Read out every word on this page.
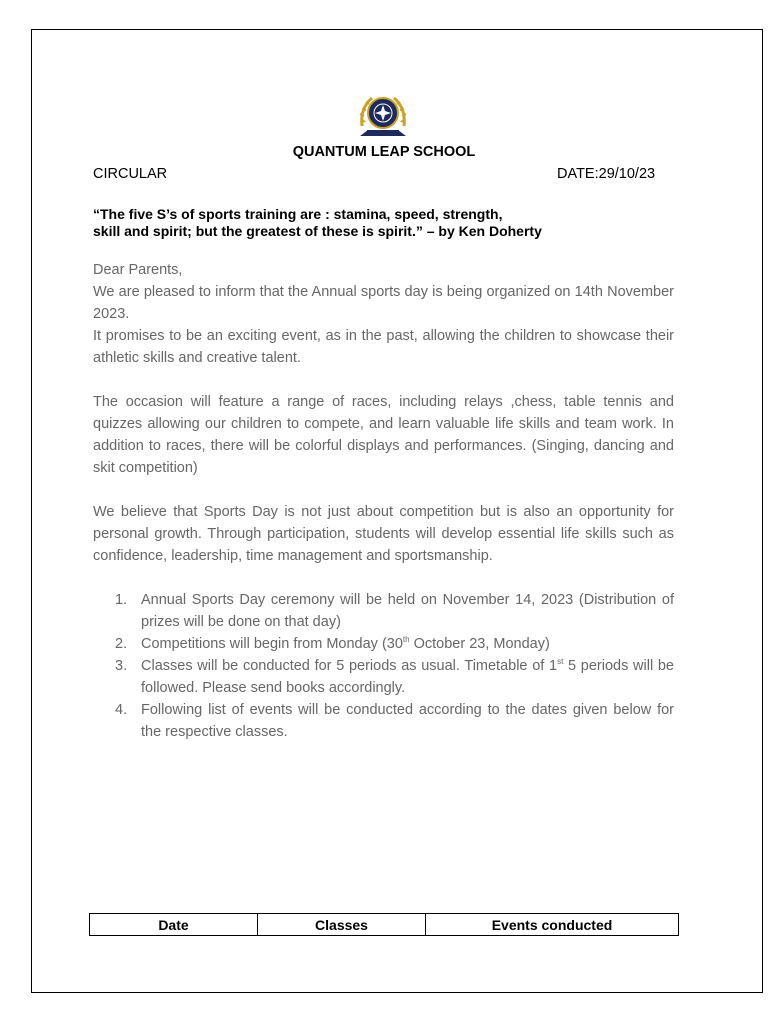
QUANTUM LEAP SCHOOL
CIRCULAR	DATE:29/10/23
“The five S’s of sports training are : stamina, speed, strength,
skill and spirit; but the greatest of these is spirit.” – by Ken Doherty

Dear Parents,

We are pleased to inform that the Annual sports day is being organized on 14th November 2023.

It promises to be an exciting event, as in the past, allowing the children to showcase their athletic skills and creative talent.

The occasion will feature a range of races, including relays ,chess, table tennis and quizzes allowing our children to compete, and learn valuable life skills and team work. In addition to races, there will be colorful displays and performances. (Singing, dancing and skit competition)

We believe that Sports Day is not just about competition but is also an opportunity for personal growth. Through participation, students will develop essential life skills such as confidence, leadership, time management and sportsmanship.

1. Annual Sports Day ceremony will be held on November 14, 2023 (Distribution of prizes will be done on that day)
2. Competitions will begin from Monday (30th October 23, Monday)
3. Classes will be conducted for 5 periods as usual. Timetable of 1st 5 periods will be followed. Please send books accordingly.
4. Following list of events will be conducted according to the dates given below for the respective classes.
Date	Classes	Events conducted
